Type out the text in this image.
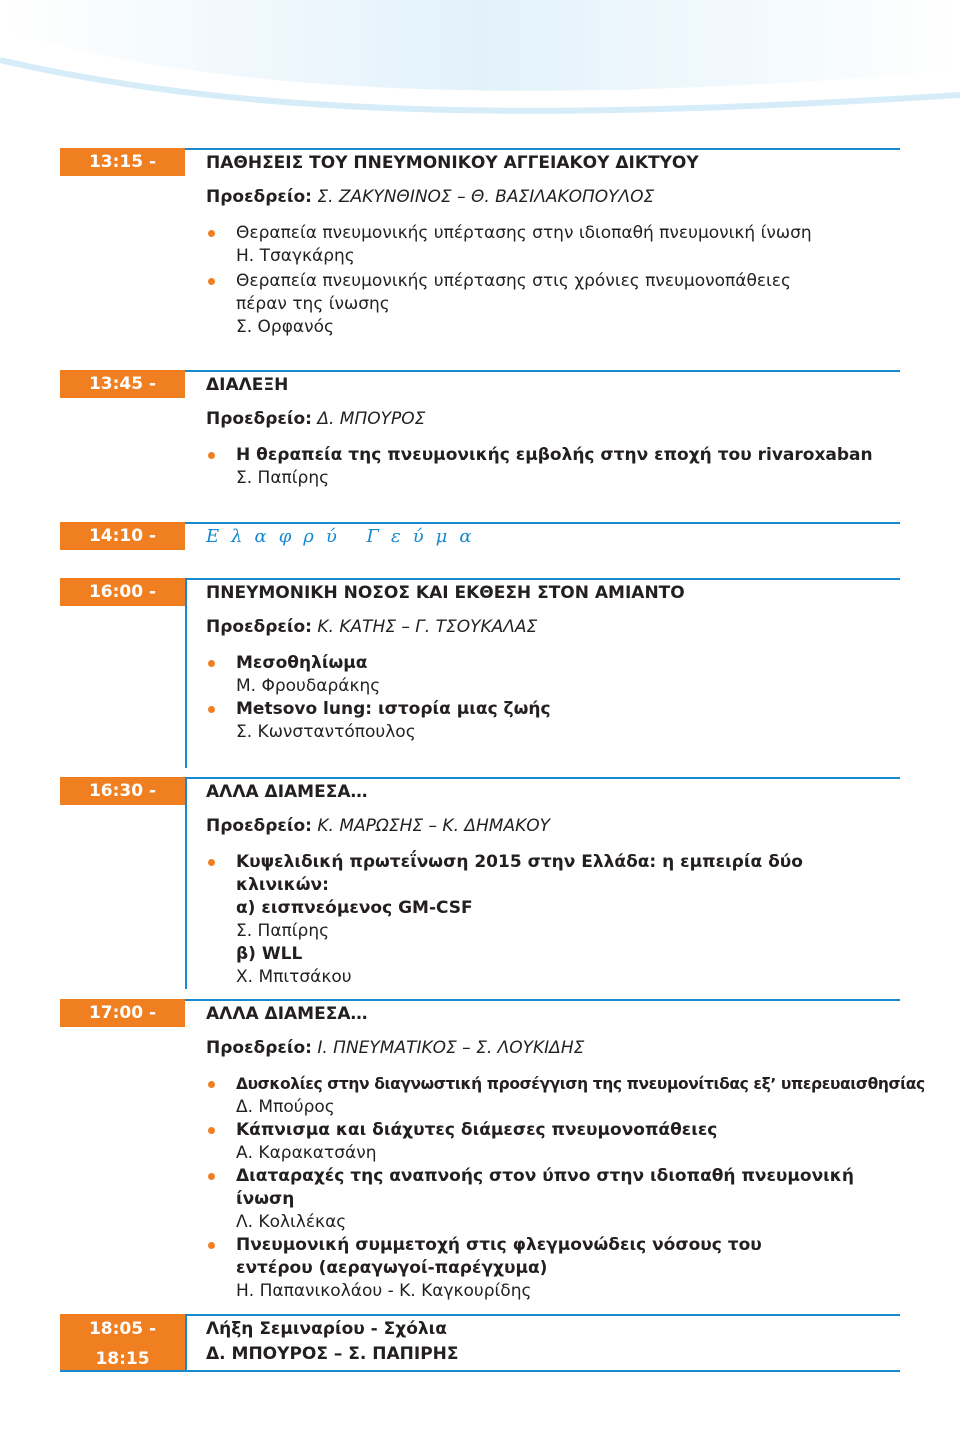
13:15 - 13:45
ΠΑΘΗΣΕΙΣ ΤΟΥ ΠΝΕΥΜΟΝΙΚΟΥ ΑΓΓΕΙΑΚΟΥ ΔΙΚΤΥΟΥ
Προεδρείο: Σ. ΖΑΚΥΝΘΙΝΟΣ – Θ. ΒΑΣΙΛΑΚΟΠΟΥΛΟΣ
Θεραπεία πνευμονικής υπέρτασης στην ιδιοπαθή πνευμονική ίνωση
Η. Τσαγκάρης
Θεραπεία πνευμονικής υπέρτασης στις χρόνιες πνευμονοπάθειες πέραν της ίνωσης
Σ. Ορφανός
13:45 - 14:10
ΔΙΑΛΕΞΗ
Προεδρείο: Δ. ΜΠΟΥΡΟΣ
Η θεραπεία της πνευμονικής εμβολής στην εποχή του rivaroxaban
Σ. Παπίρης
14:10 - 16:00
Ελαφρύ Γεύμα
16:00 - 16:30
ΠΝΕΥΜΟΝΙΚΗ ΝΟΣΟΣ ΚΑΙ ΕΚΘΕΣΗ ΣΤΟΝ ΑΜΙΑΝΤΟ
Προεδρείο: Κ. ΚΑΤΗΣ – Γ. ΤΣΟΥΚΑΛΑΣ
Μεσοθηλίωμα
Μ. Φρουδαράκης
Metsovo lung: ιστορία μιας ζωής
Σ. Κωνσταντόπουλος
16:30 - 17:00
ΑΛΛΑ ΔΙΑΜΕΣΑ…
Προεδρείο: Κ. ΜΑΡΩΣΗΣ – Κ. ΔΗΜΑΚΟΥ
Κυψελιδική πρωτεΐνωση 2015 στην Ελλάδα: η εμπειρία δύο κλινικών:
α) εισπνεόμενος GM-CSF
Σ. Παπίρης
β) WLL
Χ. Μπιτσάκου
17:00 - 18:05
ΑΛΛΑ ΔΙΑΜΕΣΑ…
Προεδρείο: Ι. ΠΝΕΥΜΑΤΙΚΟΣ – Σ. ΛΟΥΚΙΔΗΣ
Δυσκολίες στην διαγνωστική προσέγγιση της πνευμονίτιδας εξ’ υπερευαισθησίας
Δ. Μπούρος
Κάπνισμα και διάχυτες διάμεσες πνευμονοπάθειες
Α. Καρακατσάνη
Διαταραχές της αναπνοής στον ύπνο στην ιδιοπαθή πνευμονική ίνωση
Λ. Κολιλέκας
Πνευμονική συμμετοχή στις φλεγμονώδεις νόσους του εντέρου (αεραγωγοί-παρέγχυμα)
Η. Παπανικολάου - Κ. Καγκουρίδης
18:05 - 18:15
Λήξη Σεμιναρίου - Σχόλια
Δ. ΜΠΟΥΡΟΣ – Σ. ΠΑΠΙΡΗΣ
